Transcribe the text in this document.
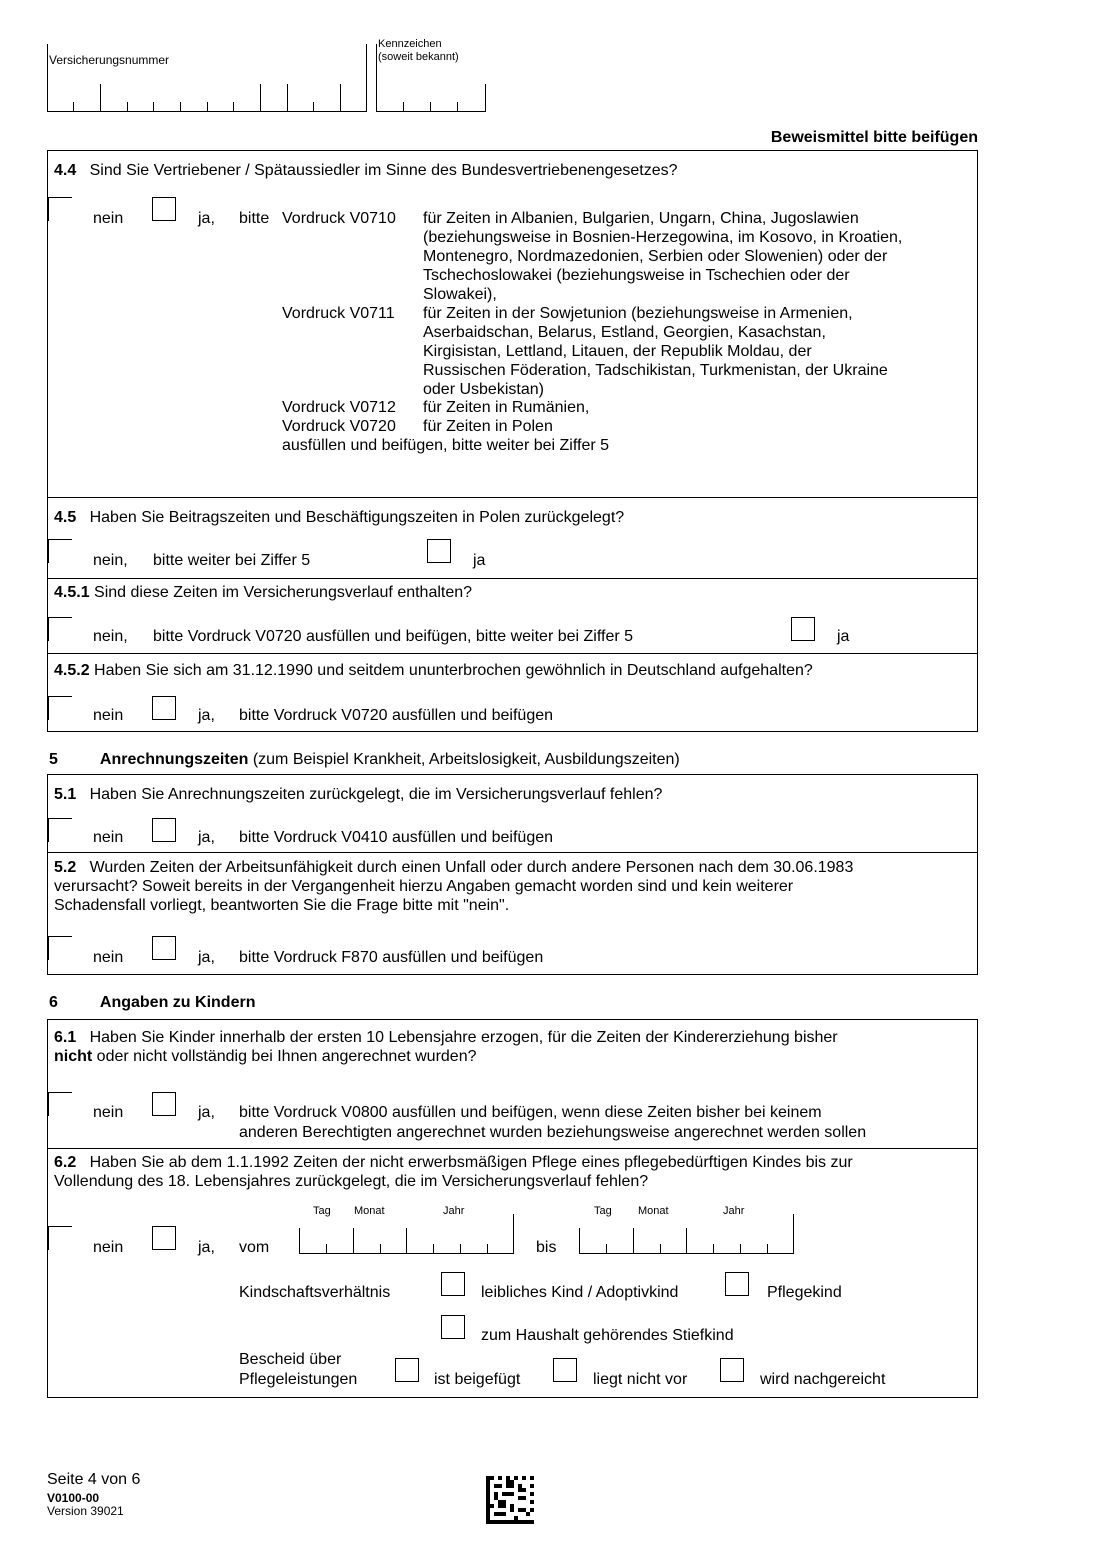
Versicherungsnummer
Kennzeichen
(soweit bekannt)
Beweismittel bitte beifügen
4.4 Sind Sie Vertriebener / Spätaussiedler im Sinne des Bundesvertriebenengesetzes?
nein	ja, bitte Vordruck V0710 für Zeiten in Albanien, Bulgarien, Ungarn, China, Jugoslawien
(beziehungsweise in Bosnien-Herzegowina, im Kosovo, in Kroatien,
Montenegro, Nordmazedonien, Serbien oder Slowenien) oder der
Tschechoslowakei (beziehungsweise in Tschechien oder der
Slowakei),
Vordruck V0711 für Zeiten in der Sowjetunion (beziehungsweise in Armenien,
Aserbaidschan, Belarus, Estland, Georgien, Kasachstan,
Kirgisistan, Lettland, Litauen, der Republik Moldau, der
Russischen Föderation, Tadschikistan, Turkmenistan, der Ukraine
oder Usbekistan)
Vordruck V0712 für Zeiten in Rumänien,
Vordruck V0720 für Zeiten in Polen
ausfüllen und beifügen, bitte weiter bei Ziffer 5
4.5 Haben Sie Beitragszeiten und Beschäftigungszeiten in Polen zurückgelegt?
nein, bitte weiter bei Ziffer 5	ja
4.5.1 Sind diese Zeiten im Versicherungsverlauf enthalten?
nein, bitte Vordruck V0720 ausfüllen und beifügen, bitte weiter bei Ziffer 5	ja
4.5.2 Haben Sie sich am 31.12.1990 und seitdem ununterbrochen gewöhnlich in Deutschland aufgehalten?
nein	ja, bitte Vordruck V0720 ausfüllen und beifügen
5	Anrechnungszeiten (zum Beispiel Krankheit, Arbeitslosigkeit, Ausbildungszeiten)
5.1 Haben Sie Anrechnungszeiten zurückgelegt, die im Versicherungsverlauf fehlen?
nein	ja, bitte Vordruck V0410 ausfüllen und beifügen
5.2 Wurden Zeiten der Arbeitsunfähigkeit durch einen Unfall oder durch andere Personen nach dem 30.06.1983
verursacht? Soweit bereits in der Vergangenheit hierzu Angaben gemacht worden sind und kein weiterer
Schadensfall vorliegt, beantworten Sie die Frage bitte mit "nein".
nein	ja, bitte Vordruck F870 ausfüllen und beifügen
6	Angaben zu Kindern
6.1 Haben Sie Kinder innerhalb der ersten 10 Lebensjahre erzogen, für die Zeiten der Kindererziehung bisher
nicht oder nicht vollständig bei Ihnen angerechnet wurden?
nein	ja, bitte Vordruck V0800 ausfüllen und beifügen, wenn diese Zeiten bisher bei keinem
anderen Berechtigten angerechnet wurden beziehungsweise angerechnet werden sollen
6.2 Haben Sie ab dem 1.1.1992 Zeiten der nicht erwerbsmäßigen Pflege eines pflegebedürftigen Kindes bis zur
Vollendung des 18. Lebensjahres zurückgelegt, die im Versicherungsverlauf fehlen?
nein	ja, vom
Tag Monat	Jahr
bis
Tag Monat	Jahr
Kindschaftsverhältnis	leibliches Kind / Adoptivkind	Pflegekind
zum Haushalt gehörendes Stiefkind
Bescheid über
Pflegeleistungen	ist beigefügt	liegt nicht vor	wird nachgereicht
Seite 4 von 6
V0100-00
Version 39021
